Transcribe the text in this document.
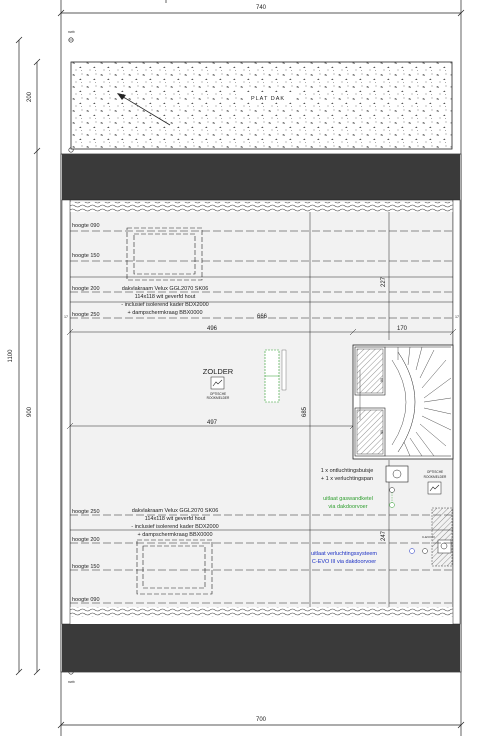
740
1100
200
900
nwb
nwb
PLAT DAK
hoogte 090
hoogte 150
hoogte 200
hoogte 250
dakvlakraam Velux GGL2070 SK06
114x118 wit geverfd hout
- inclusief isolerend kader BDX2000
+ dampschermkraag BBX0000
496
666
170
497
227
685
247
17	17
ZOLDER
OPTISCHE
ROOKMELDER
90
90
1 x ontluchtingsbuisje
+ 1 x verluchtingspan
OPTISCHE
ROOKMELDER
uitlaat gaswandketel
via dakdoorvoer
C-EVO III
uitlaat verluchtingssysteem
C-EVO III via dakdoorvoer
hoogte 250
hoogte 200
hoogte 150
hoogte 090
dakvlakraam Velux GGL2070 SK06
114x118 wit geverfd hout
- inclusief isolerend kader BDX2000
+ dampschermkraag BBX0000
700
